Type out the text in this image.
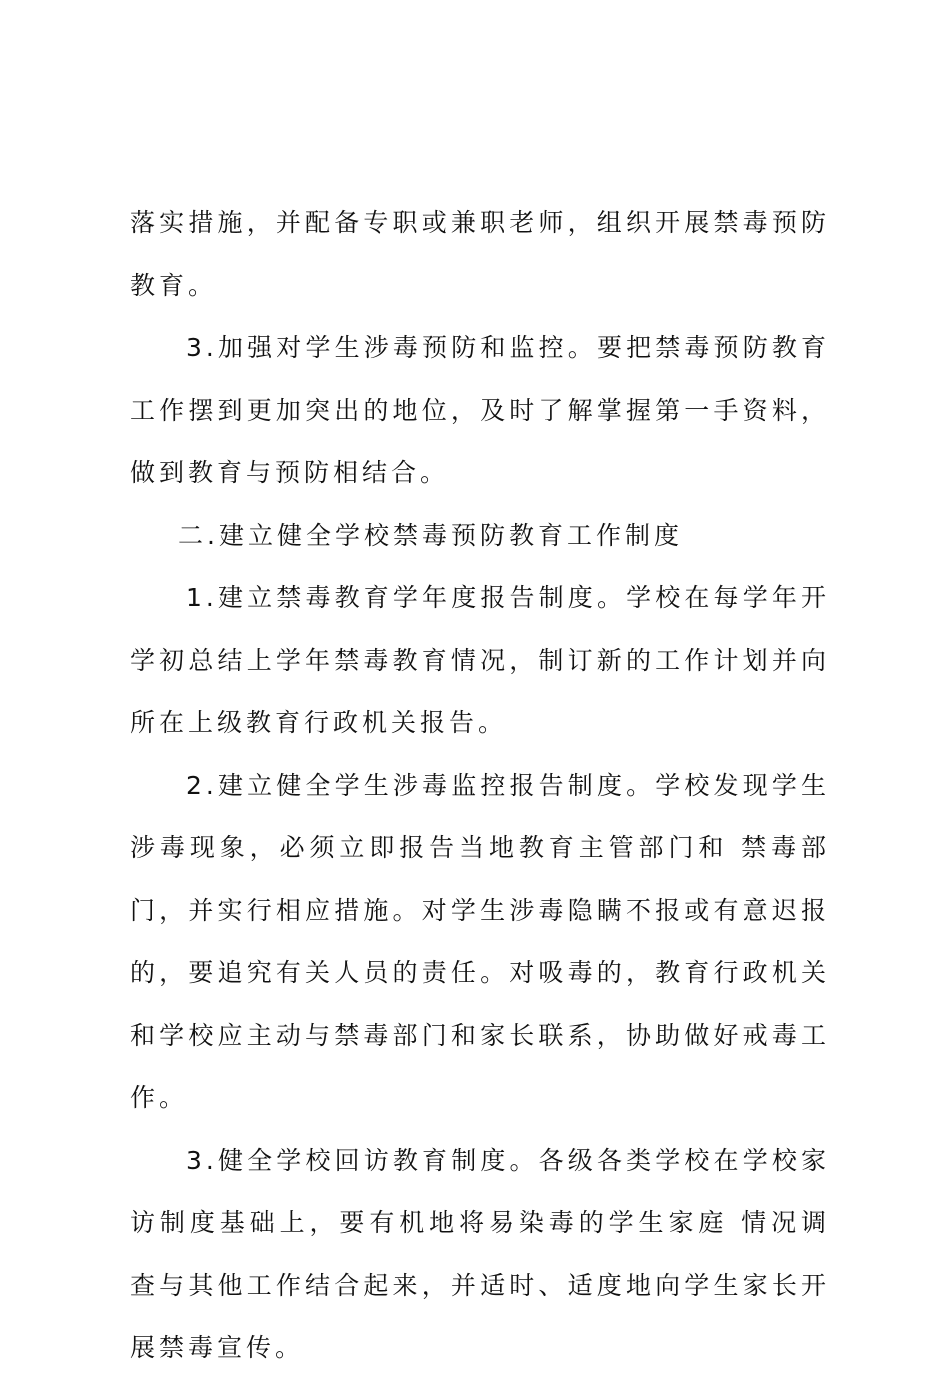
落实措施，并配备专职或兼职老师，组织开展禁毒预防教育。

3.加强对学生涉毒预防和监控。要把禁毒预防教育工作摆到更加突出的地位，及时了解掌握第一手资料，做到教育与预防相结合。

二.建立健全学校禁毒预防教育工作制度

1.建立禁毒教育学年度报告制度。学校在每学年开学初总结上学年禁毒教育情况，制订新的工作计划并向所在上级教育行政机关报告。

2.建立健全学生涉毒监控报告制度。学校发现学生涉毒现象，必须立即报告当地教育主管部门和 禁毒部门，并实行相应措施。对学生涉毒隐瞒不报或有意迟报的，要追究有关人员的责任。对吸毒的，教育行政机关和学校应主动与禁毒部门和家长联系，协助做好戒毒工作。

3.健全学校回访教育制度。各级各类学校在学校家访制度基础上，要有机地将易染毒的学生家庭 情况调查与其他工作结合起来，并适时、适度地向学生家长开展禁毒宣传。
